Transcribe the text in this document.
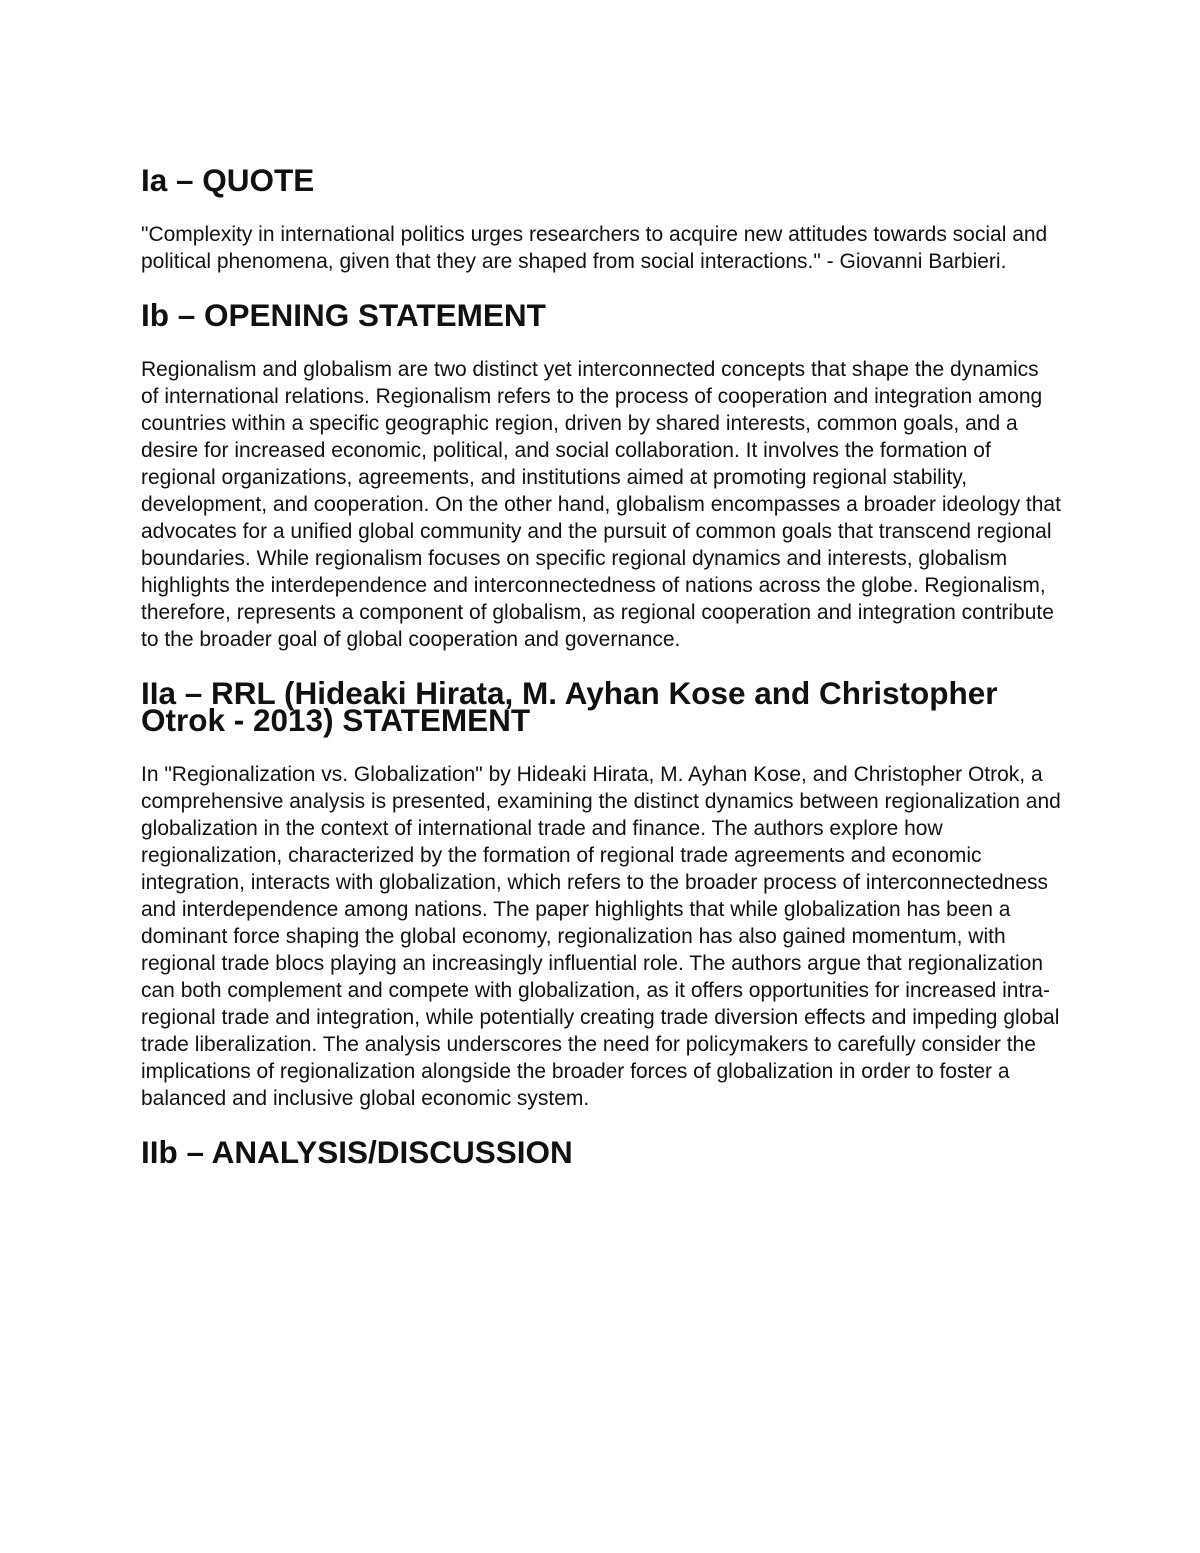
Ia – QUOTE

"Complexity in international politics urges researchers to acquire new attitudes towards social and political phenomena, given that they are shaped from social interactions." - Giovanni Barbieri.

Ib – OPENING STATEMENT

Regionalism and globalism are two distinct yet interconnected concepts that shape the dynamics of international relations. Regionalism refers to the process of cooperation and integration among countries within a specific geographic region, driven by shared interests, common goals, and a desire for increased economic, political, and social collaboration. It involves the formation of regional organizations, agreements, and institutions aimed at promoting regional stability, development, and cooperation. On the other hand, globalism encompasses a broader ideology that advocates for a unified global community and the pursuit of common goals that transcend regional boundaries. While regionalism focuses on specific regional dynamics and interests, globalism highlights the interdependence and interconnectedness of nations across the globe. Regionalism, therefore, represents a component of globalism, as regional cooperation and integration contribute to the broader goal of global cooperation and governance.

IIa – RRL (Hideaki Hirata, M. Ayhan Kose and Christopher Otrok - 2013) STATEMENT

In "Regionalization vs. Globalization" by Hideaki Hirata, M. Ayhan Kose, and Christopher Otrok, a comprehensive analysis is presented, examining the distinct dynamics between regionalization and globalization in the context of international trade and finance. The authors explore how regionalization, characterized by the formation of regional trade agreements and economic integration, interacts with globalization, which refers to the broader process of interconnectedness and interdependence among nations. The paper highlights that while globalization has been a dominant force shaping the global economy, regionalization has also gained momentum, with regional trade blocs playing an increasingly influential role. The authors argue that regionalization can both complement and compete with globalization, as it offers opportunities for increased intra-regional trade and integration, while potentially creating trade diversion effects and impeding global trade liberalization. The analysis underscores the need for policymakers to carefully consider the implications of regionalization alongside the broader forces of globalization in order to foster a balanced and inclusive global economic system.

IIb – ANALYSIS/DISCUSSION
